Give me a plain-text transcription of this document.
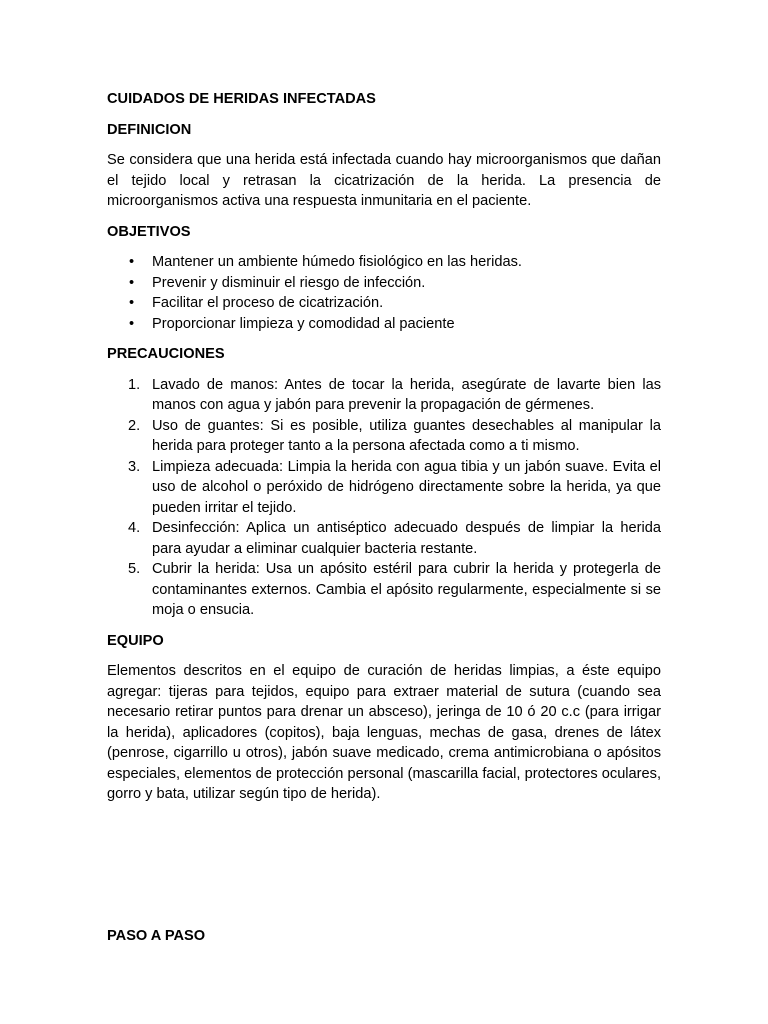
CUIDADOS DE HERIDAS INFECTADAS

DEFINICION

Se considera que una herida está infectada cuando hay microorganismos que dañan el tejido local y retrasan la cicatrización de la herida. La presencia de microorganismos activa una respuesta inmunitaria en el paciente.

OBJETIVOS

• Mantener un ambiente húmedo fisiológico en las heridas.
• Prevenir y disminuir el riesgo de infección.
• Facilitar el proceso de cicatrización.
• Proporcionar limpieza y comodidad al paciente

PRECAUCIONES

1. Lavado de manos: Antes de tocar la herida, asegúrate de lavarte bien las manos con agua y jabón para prevenir la propagación de gérmenes.
2. Uso de guantes: Si es posible, utiliza guantes desechables al manipular la herida para proteger tanto a la persona afectada como a ti mismo.
3. Limpieza adecuada: Limpia la herida con agua tibia y un jabón suave. Evita el uso de alcohol o peróxido de hidrógeno directamente sobre la herida, ya que pueden irritar el tejido.
4. Desinfección: Aplica un antiséptico adecuado después de limpiar la herida para ayudar a eliminar cualquier bacteria restante.
5. Cubrir la herida: Usa un apósito estéril para cubrir la herida y protegerla de contaminantes externos. Cambia el apósito regularmente, especialmente si se moja o ensucia.

EQUIPO

Elementos descritos en el equipo de curación de heridas limpias, a éste equipo agregar: tijeras para tejidos, equipo para extraer material de sutura (cuando sea necesario retirar puntos para drenar un absceso), jeringa de 10 ó 20 c.c (para irrigar la herida), aplicadores (copitos), baja lenguas, mechas de gasa, drenes de látex (penrose, cigarrillo u otros), jabón suave medicado, crema antimicrobiana o apósitos especiales, elementos de protección personal (mascarilla facial, protectores oculares, gorro y bata, utilizar según tipo de herida).

PASO A PASO
